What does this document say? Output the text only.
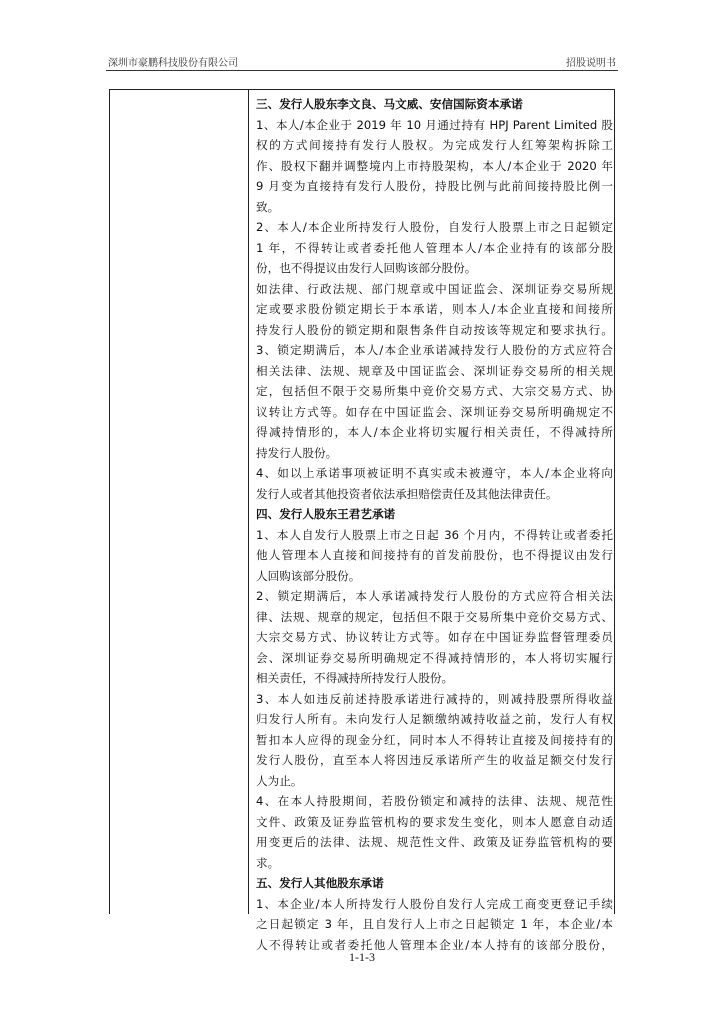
深圳市豪鹏科技股份有限公司	招股说明书
三、发行人股东李文良、马文威、安信国际资本承诺
1、本人/本企业于 2019 年 10 月通过持有 HPJ Parent Limited 股
权的方式间接持有发行人股权。为完成发行人红筹架构拆除工
作、股权下翻并调整境内上市持股架构，本人/本企业于 2020 年
9 月变为直接持有发行人股份，持股比例与此前间接持股比例一
致。
2、本人/本企业所持发行人股份，自发行人股票上市之日起锁定
1 年，不得转让或者委托他人管理本人/本企业持有的该部分股
份，也不得提议由发行人回购该部分股份。
如法律、行政法规、部门规章或中国证监会、深圳证券交易所规
定或要求股份锁定期长于本承诺，则本人/本企业直接和间接所
持发行人股份的锁定期和限售条件自动按该等规定和要求执行。
3、锁定期满后，本人/本企业承诺减持发行人股份的方式应符合
相关法律、法规、规章及中国证监会、深圳证券交易所的相关规
定，包括但不限于交易所集中竞价交易方式、大宗交易方式、协
议转让方式等。如存在中国证监会、深圳证券交易所明确规定不
得减持情形的，本人/本企业将切实履行相关责任，不得减持所
持发行人股份。
4、如以上承诺事项被证明不真实或未被遵守，本人/本企业将向
发行人或者其他投资者依法承担赔偿责任及其他法律责任。
四、发行人股东王君艺承诺
1、本人自发行人股票上市之日起 36 个月内，不得转让或者委托
他人管理本人直接和间接持有的首发前股份，也不得提议由发行
人回购该部分股份。
2、锁定期满后，本人承诺减持发行人股份的方式应符合相关法
律、法规、规章的规定，包括但不限于交易所集中竞价交易方式、
大宗交易方式、协议转让方式等。如存在中国证券监督管理委员
会、深圳证券交易所明确规定不得减持情形的，本人将切实履行
相关责任，不得减持所持发行人股份。
3、本人如违反前述持股承诺进行减持的，则减持股票所得收益
归发行人所有。未向发行人足额缴纳减持收益之前，发行人有权
暂扣本人应得的现金分红，同时本人不得转让直接及间接持有的
发行人股份，直至本人将因违反承诺所产生的收益足额交付发行
人为止。
4、在本人持股期间，若股份锁定和减持的法律、法规、规范性
文件、政策及证券监管机构的要求发生变化，则本人愿意自动适
用变更后的法律、法规、规范性文件、政策及证券监管机构的要
求。
五、发行人其他股东承诺
1、本企业/本人所持发行人股份自发行人完成工商变更登记手续
之日起锁定 3 年，且自发行人上市之日起锁定 1 年，本企业/本
人不得转让或者委托他人管理本企业/本人持有的该部分股份，
1-1-3
